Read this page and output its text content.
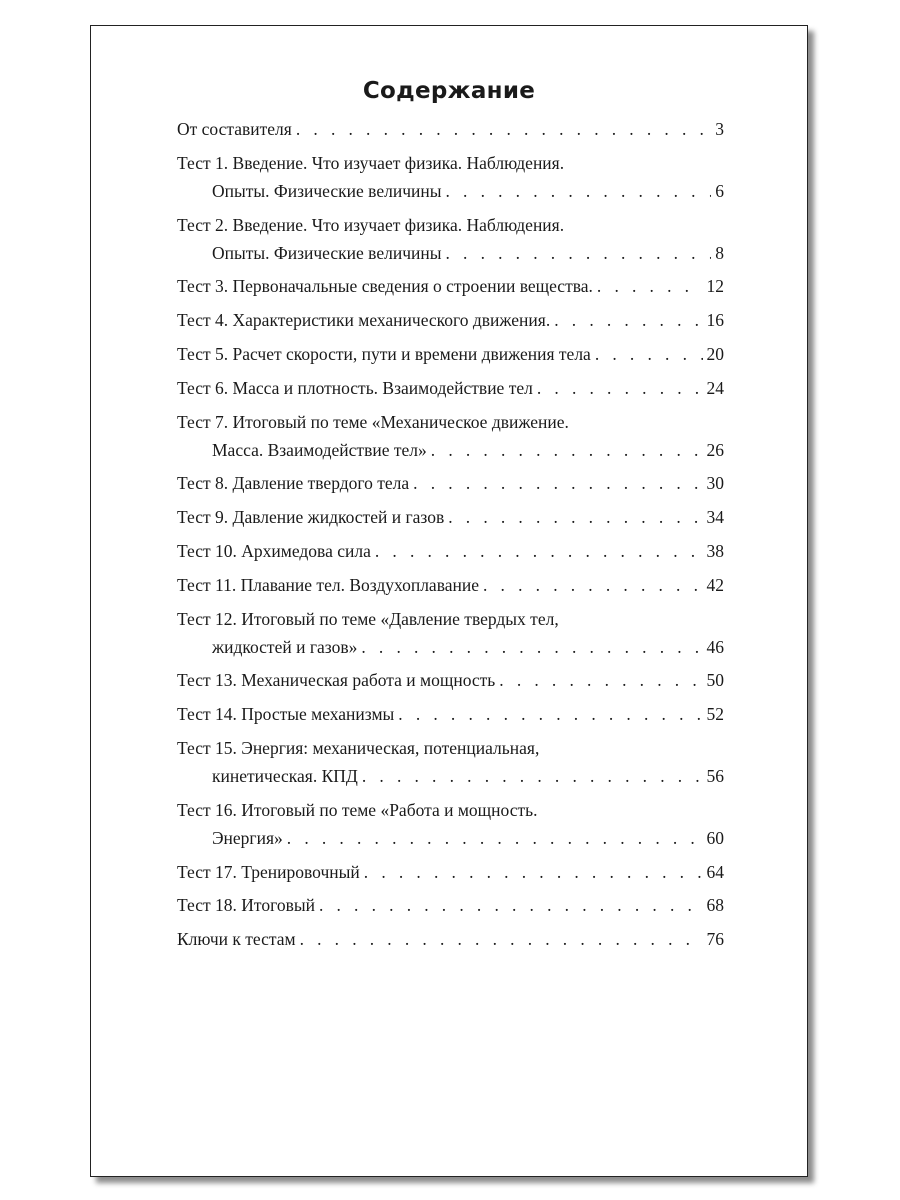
Содержание
От составителя . . .	3
Тест 1. Введение. Что изучает физика. Наблюдения.
Опыты. Физические величины . . .	6
Тест 2. Введение. Что изучает физика. Наблюдения.
Опыты. Физические величины . . .	8
Тест 3. Первоначальные сведения о строении вещества. . . .	12
Тест 4. Характеристики механического движения. . . .	16
Тест 5. Расчет скорости, пути и времени движения тела . . .	20
Тест 6. Масса и плотность. Взаимодействие тел . . .	24
Тест 7. Итоговый по теме «Механическое движение.
Масса. Взаимодействие тел» . . .	26
Тест 8. Давление твердого тела . . .	30
Тест 9. Давление жидкостей и газов . . .	34
Тест 10. Архимедова сила . . .	38
Тест 11. Плавание тел. Воздухоплавание . . .	42
Тест 12. Итоговый по теме «Давление твердых тел,
жидкостей и газов» . . .	46
Тест 13. Механическая работа и мощность . . .	50
Тест 14. Простые механизмы . . .	52
Тест 15. Энергия: механическая, потенциальная,
кинетическая. КПД . . .	56
Тест 16. Итоговый по теме «Работа и мощность.
Энергия» . . .	60
Тест 17. Тренировочный . . .	64
Тест 18. Итоговый . . .	68
Ключи к тестам . . .	76
